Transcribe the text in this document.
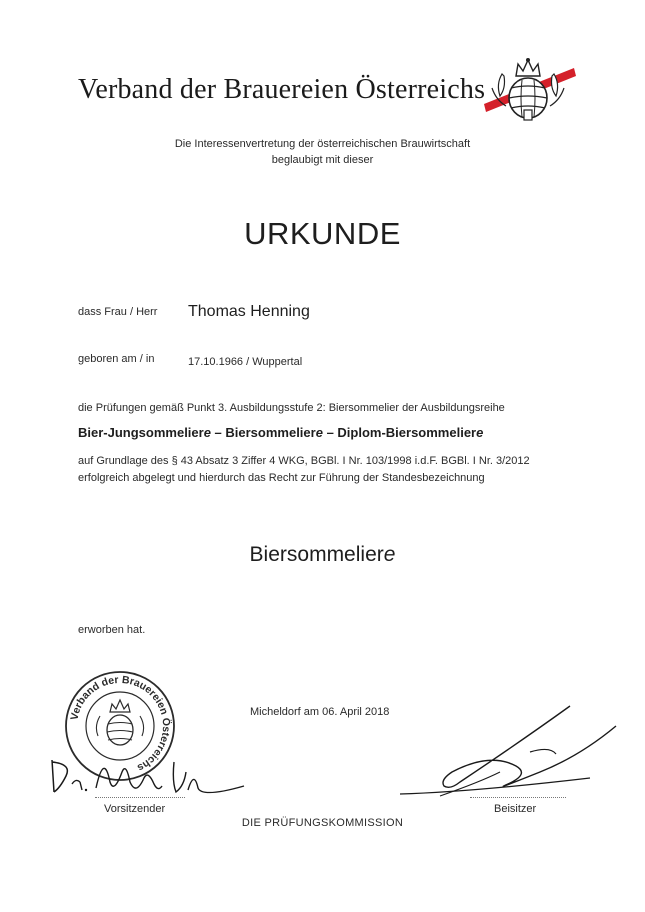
Verband der Brauereien Österreichs
Die Interessenvertretung der österreichischen Brauwirtschaft
beglaubigt mit dieser
URKUNDE
dass Frau / Herr Thomas Henning
geboren am / in	17.10.1966 / Wuppertal
die Prüfungen gemäß Punkt 3. Ausbildungsstufe 2: Biersommelier der Ausbildungsreihe
Bier-Jungsommeliere – Biersommeliere – Diplom-Biersommeliere
auf Grundlage des § 43 Absatz 3 Ziffer 4 WKG, BGBl. I Nr. 103/1998 i.d.F. BGBl. I Nr. 3/2012
erfolgreich abgelegt und hierdurch das Recht zur Führung der Standesbezeichnung
Biersommeliere
erworben hat.
Verband der Brauereien Österreichs
Micheldorf am 06. April 2018
Vorsitzender	Beisitzer
DIE PRÜFUNGSKOMMISSION
